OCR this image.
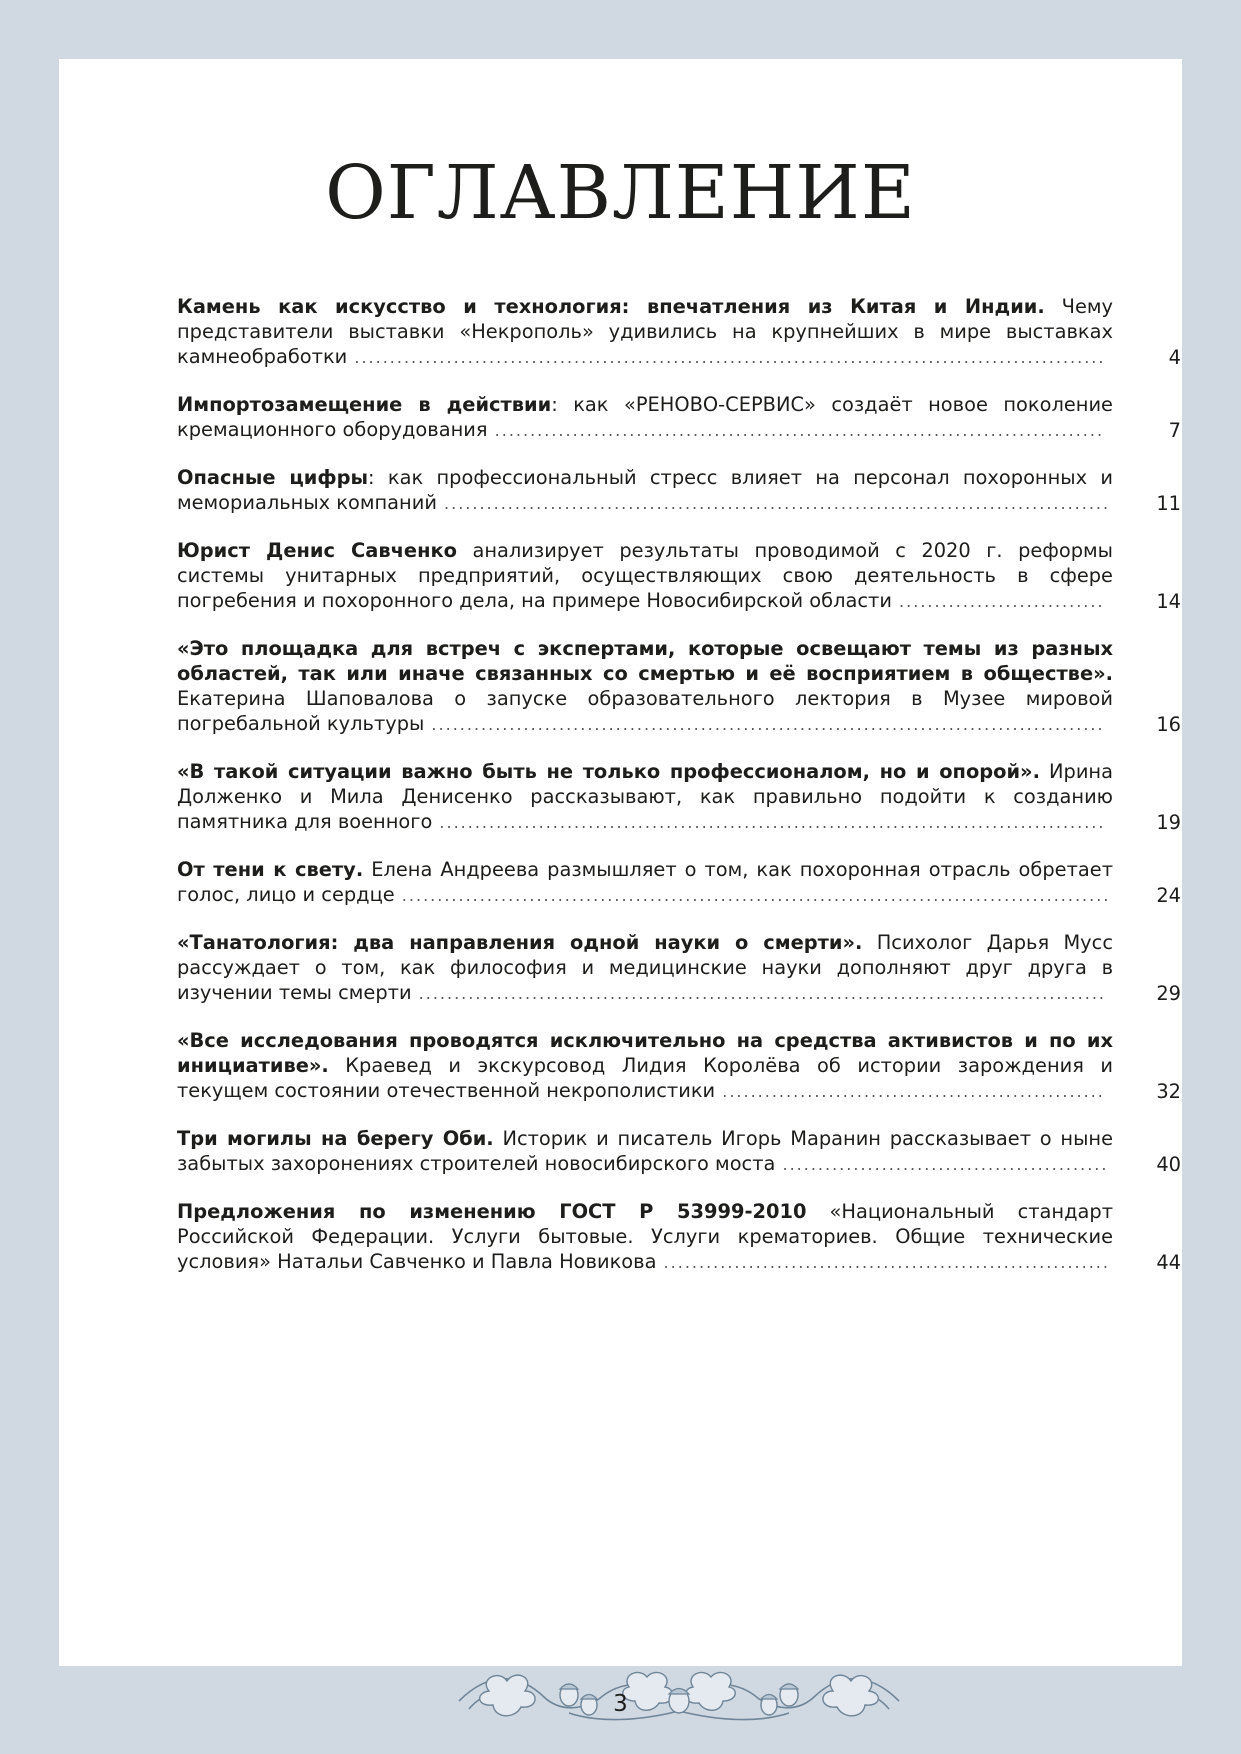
ОГЛАВЛЕНИЕ
Камень как искусство и технология: впечатления из Китая и Индии. Чему представители выставки «Некрополь» удивились на крупнейших в мире выставках камнеобработки ..........................................................................................................	4
Импортозамещение в действии: как «РЕНОВО-СЕРВИС» создаёт новое поколение кремационного оборудования ......................................................................................	7
Опасные цифры: как профессиональный стресс влияет на персонал похоронных и мемориальных компаний .............................................................................................. 11
Юрист Денис Савченко анализирует результаты проводимой с 2020 г. реформы системы унитарных предприятий, осуществляющих свою деятельность в сфере погребения и похоронного дела, на примере Новосибирской области .............................	14
«Это площадка для встреч с экспертами, которые освещают темы из разных областей, так или иначе связанных со смертью и её восприятием в обществе». Екатерина Шаповалова о запуске образовательного лектория в Музее мировой погребальной культуры ...............................................................................................	16
«В такой ситуации важно быть не только профессионалом, но и опорой». Ирина Долженко и Мила Денисенко рассказывают, как правильно подойти к созданию памятника для военного ..............................................................................................	19
От тени к свету. Елена Андреева размышляет о том, как похоронная отрасль обретает голос, лицо и сердце .................................................................................................... 24
«Танатология: два направления одной науки о смерти». Психолог Дарья Мусс рассуждает о том, как философия и медицинские науки дополняют друг друга в изучении темы смерти .................................................................................................	29
«Все исследования проводятся исключительно на средства активистов и по их инициативе». Краевед и экскурсовод Лидия Королёва об истории зарождения и текущем состоянии отечественной некрополистики ......................................................	32
Три могилы на берегу Оби. Историк и писатель Игорь Маранин рассказывает о ныне забытых захоронениях строителей новосибирского моста .............................................. 40
Предложения по изменению ГОСТ Р 53999-2010 «Национальный стандарт Российской Федерации. Услуги бытовые. Услуги крематориев. Общие технические условия» Натальи Савченко и Павла Новикова ............................................................... 44
3
